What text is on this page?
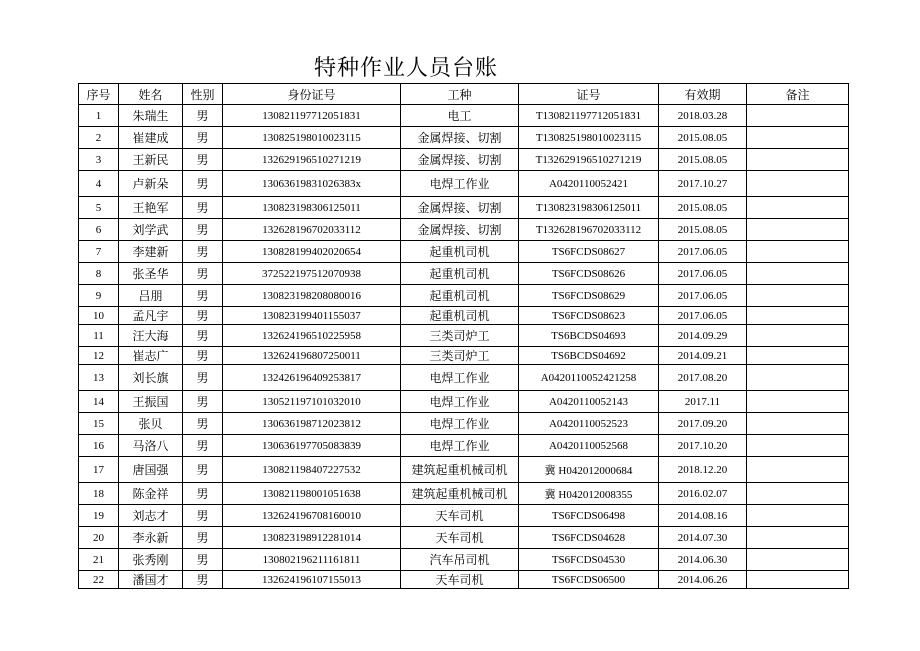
特种作业人员台账
序号	姓名	性别	身份证号	工种	证号	有效期	备注
1	朱瑞生	男	130821197712051831	电工	T130821197712051831	2018.03.28	
2	崔建成	男	130825198010023115	金属焊接、切割	T130825198010023115	2015.08.05	
3	王新民	男	132629196510271219	金属焊接、切割	T132629196510271219	2015.08.05	
4	卢新朵	男	13063619831026383x	电焊工作业	A0420110052421	2017.10.27	
5	王艳军	男	130823198306125011	金属焊接、切割	T130823198306125011	2015.08.05	
6	刘学武	男	132628196702033112	金属焊接、切割	T132628196702033112	2015.08.05	
7	李建新	男	130828199402020654	起重机司机	TS6FCDS08627	2017.06.05	
8	张圣华	男	372522197512070938	起重机司机	TS6FCDS08626	2017.06.05	
9	吕朋	男	130823198208080016	起重机司机	TS6FCDS08629	2017.06.05	
10	孟凡宇	男	130823199401155037	起重机司机	TS6FCDS08623	2017.06.05	
11	汪大海	男	132624196510225958	三类司炉工	TS6BCDS04693	2014.09.29	
12	崔志广	男	132624196807250011	三类司炉工	TS6BCDS04692	2014.09.21	
13	刘长旗	男	132426196409253817	电焊工作业	A0420110052421258	2017.08.20	
14	王振国	男	130521197101032010	电焊工作业	A0420110052143	2017.11	
15	张贝	男	130636198712023812	电焊工作业	A0420110052523	2017.09.20	
16	马洛八	男	130636197705083839	电焊工作业	A0420110052568	2017.10.20	
17	唐国强	男	130821198407227532	建筑起重机械司机	冀 H042012000684	2018.12.20	
18	陈金祥	男	130821198001051638	建筑起重机械司机	冀 H042012008355	2016.02.07	
19	刘志才	男	132624196708160010	天车司机	TS6FCDS06498	2014.08.16	
20	李永新	男	130823198912281014	天车司机	TS6FCDS04628	2014.07.30	
21	张秀刚	男	130802196211161811	汽车吊司机	TS6FCDS04530	2014.06.30	
22	潘国才	男	132624196107155013	天车司机	TS6FCDS06500	2014.06.26	
